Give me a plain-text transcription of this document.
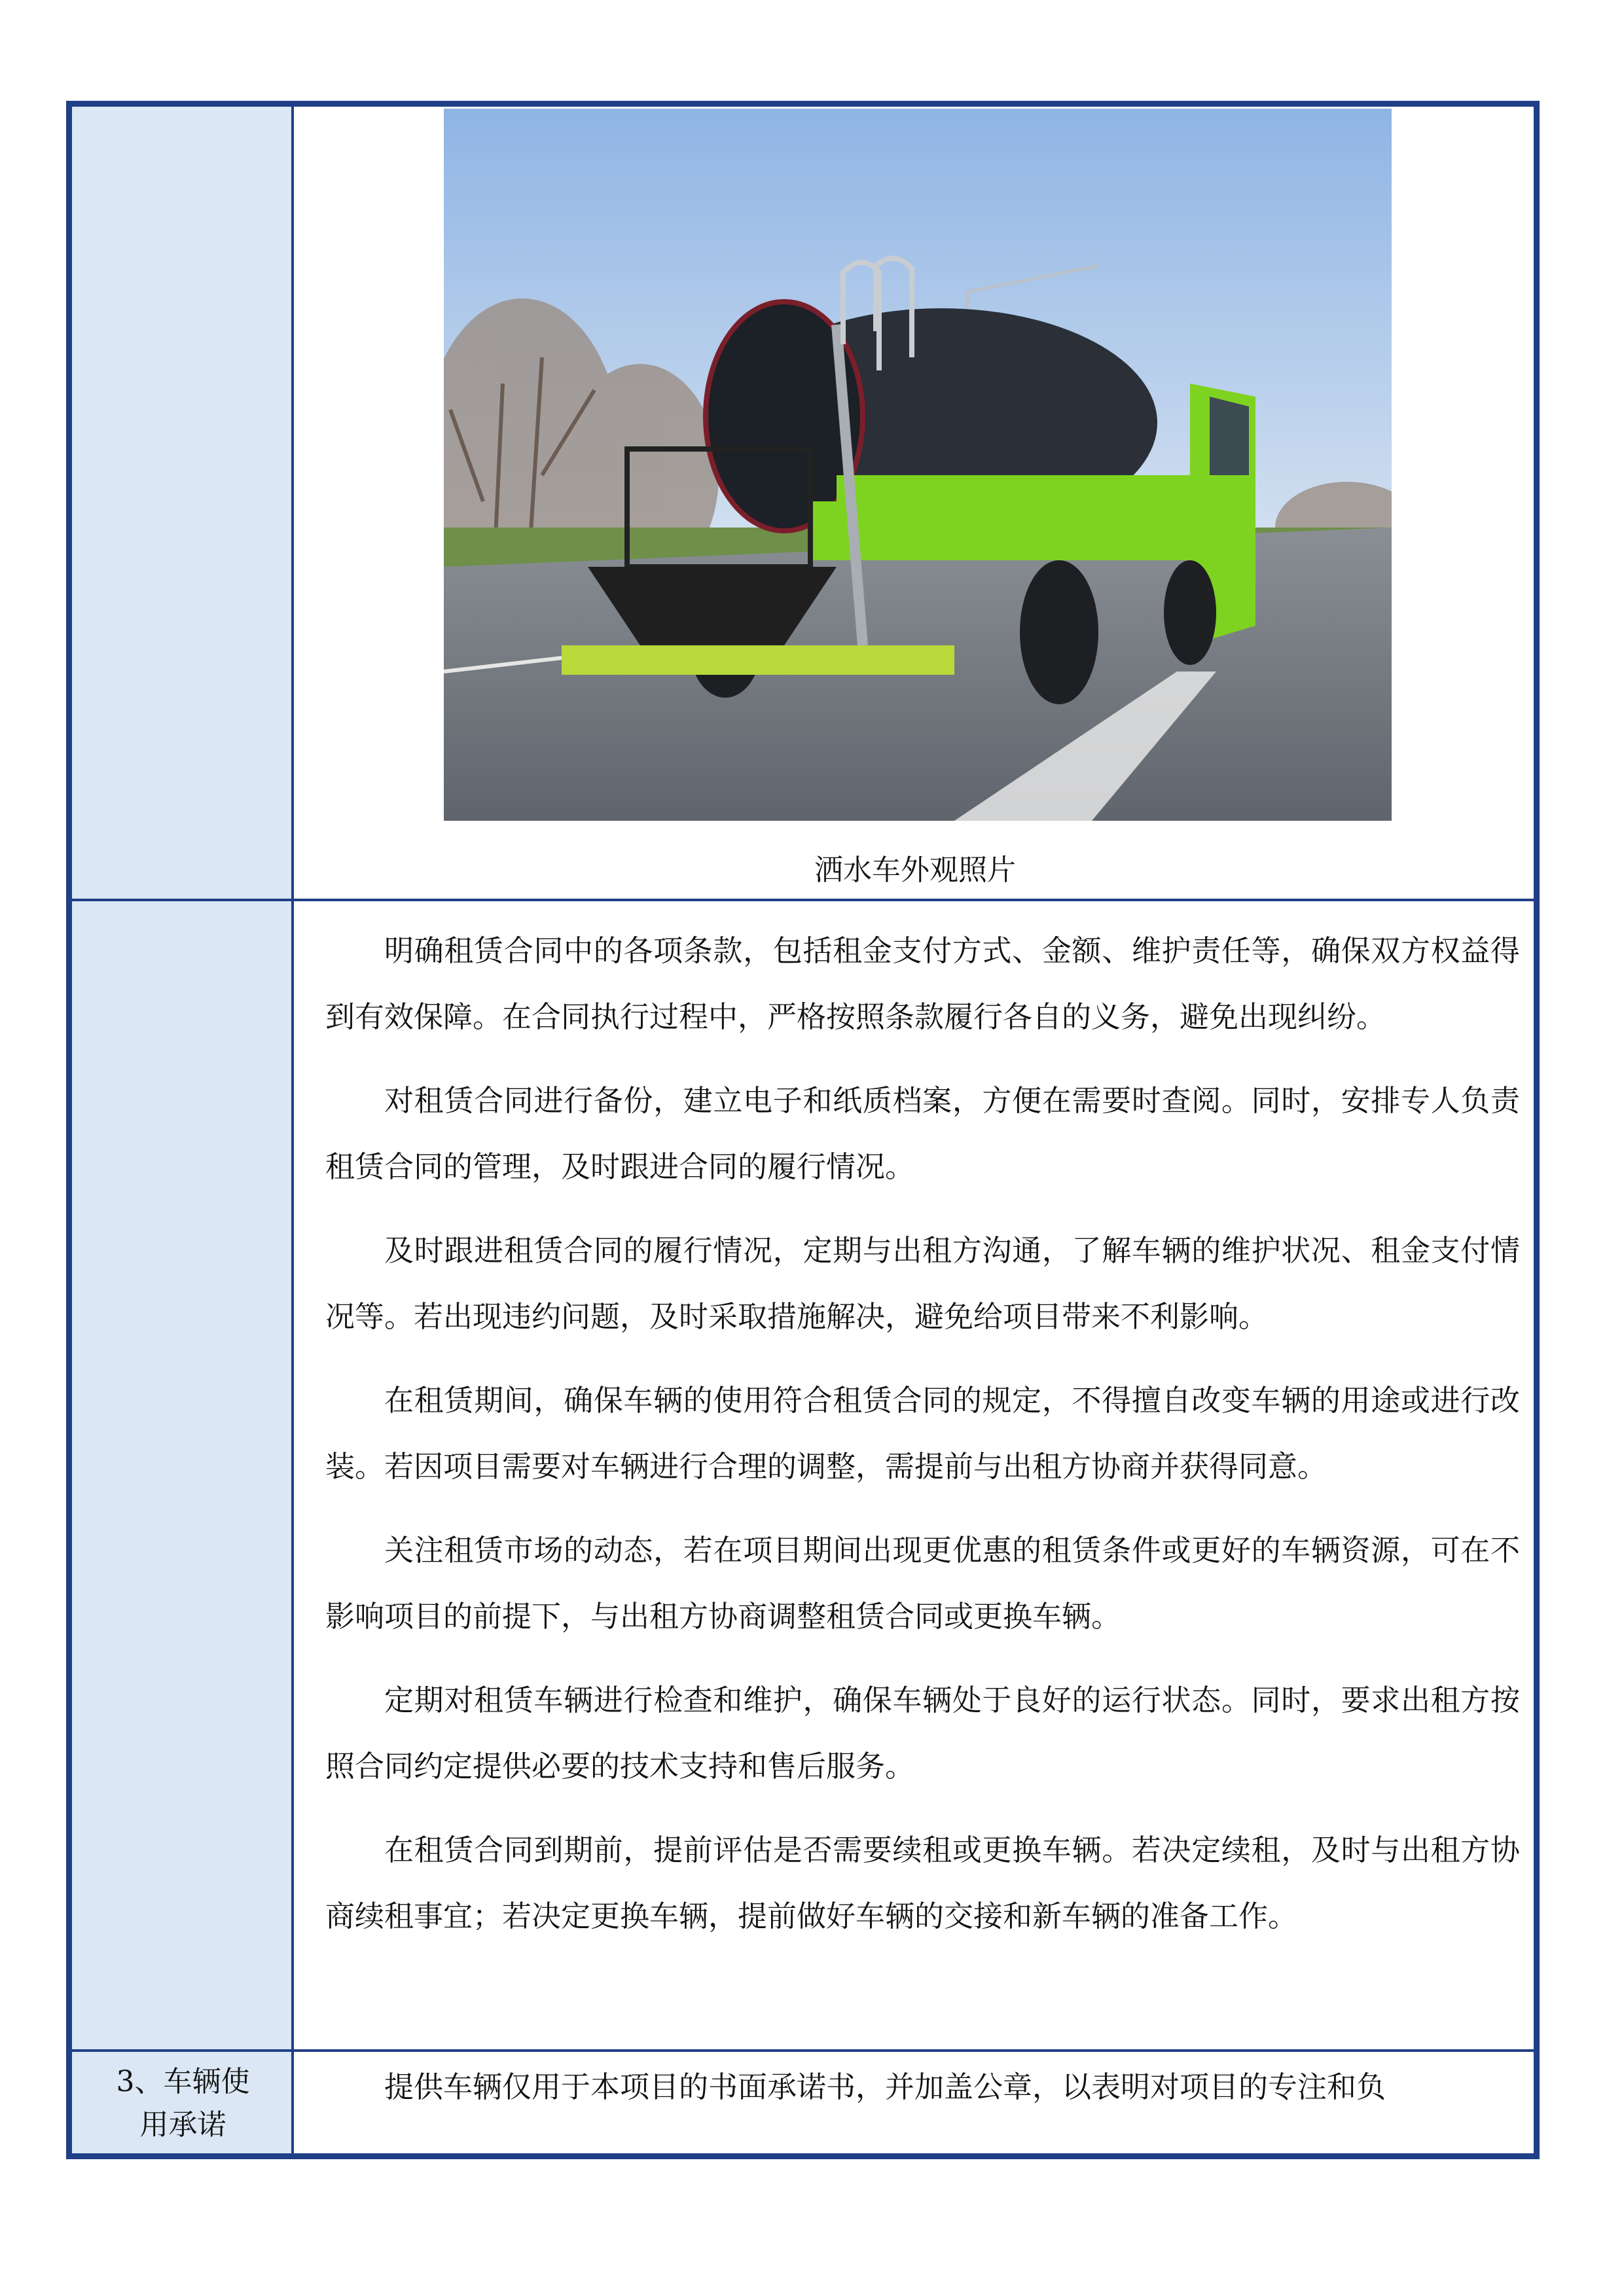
3、车辆使用承诺
洒水车外观照片

明确租赁合同中的各项条款，包括租金支付方式、金额、维护责任等，确保双方权益得到有效保障。在合同执行过程中，严格按照条款履行各自的义务，避免出现纠纷。

对租赁合同进行备份，建立电子和纸质档案，方便在需要时查阅。同时，安排专人负责租赁合同的管理，及时跟进合同的履行情况。

及时跟进租赁合同的履行情况，定期与出租方沟通，了解车辆的维护状况、租金支付情况等。若出现违约问题，及时采取措施解决，避免给项目带来不利影响。

在租赁期间，确保车辆的使用符合租赁合同的规定，不得擅自改变车辆的用途或进行改装。若因项目需要对车辆进行合理的调整，需提前与出租方协商并获得同意。

关注租赁市场的动态，若在项目期间出现更优惠的租赁条件或更好的车辆资源，可在不影响项目的前提下，与出租方协商调整租赁合同或更换车辆。

定期对租赁车辆进行检查和维护，确保车辆处于良好的运行状态。同时，要求出租方按照合同约定提供必要的技术支持和售后服务。

在租赁合同到期前，提前评估是否需要续租或更换车辆。若决定续租，及时与出租方协商续租事宜；若决定更换车辆，提前做好车辆的交接和新车辆的准备工作。

提供车辆仅用于本项目的书面承诺书，并加盖公章，以表明对项目的专注和负
